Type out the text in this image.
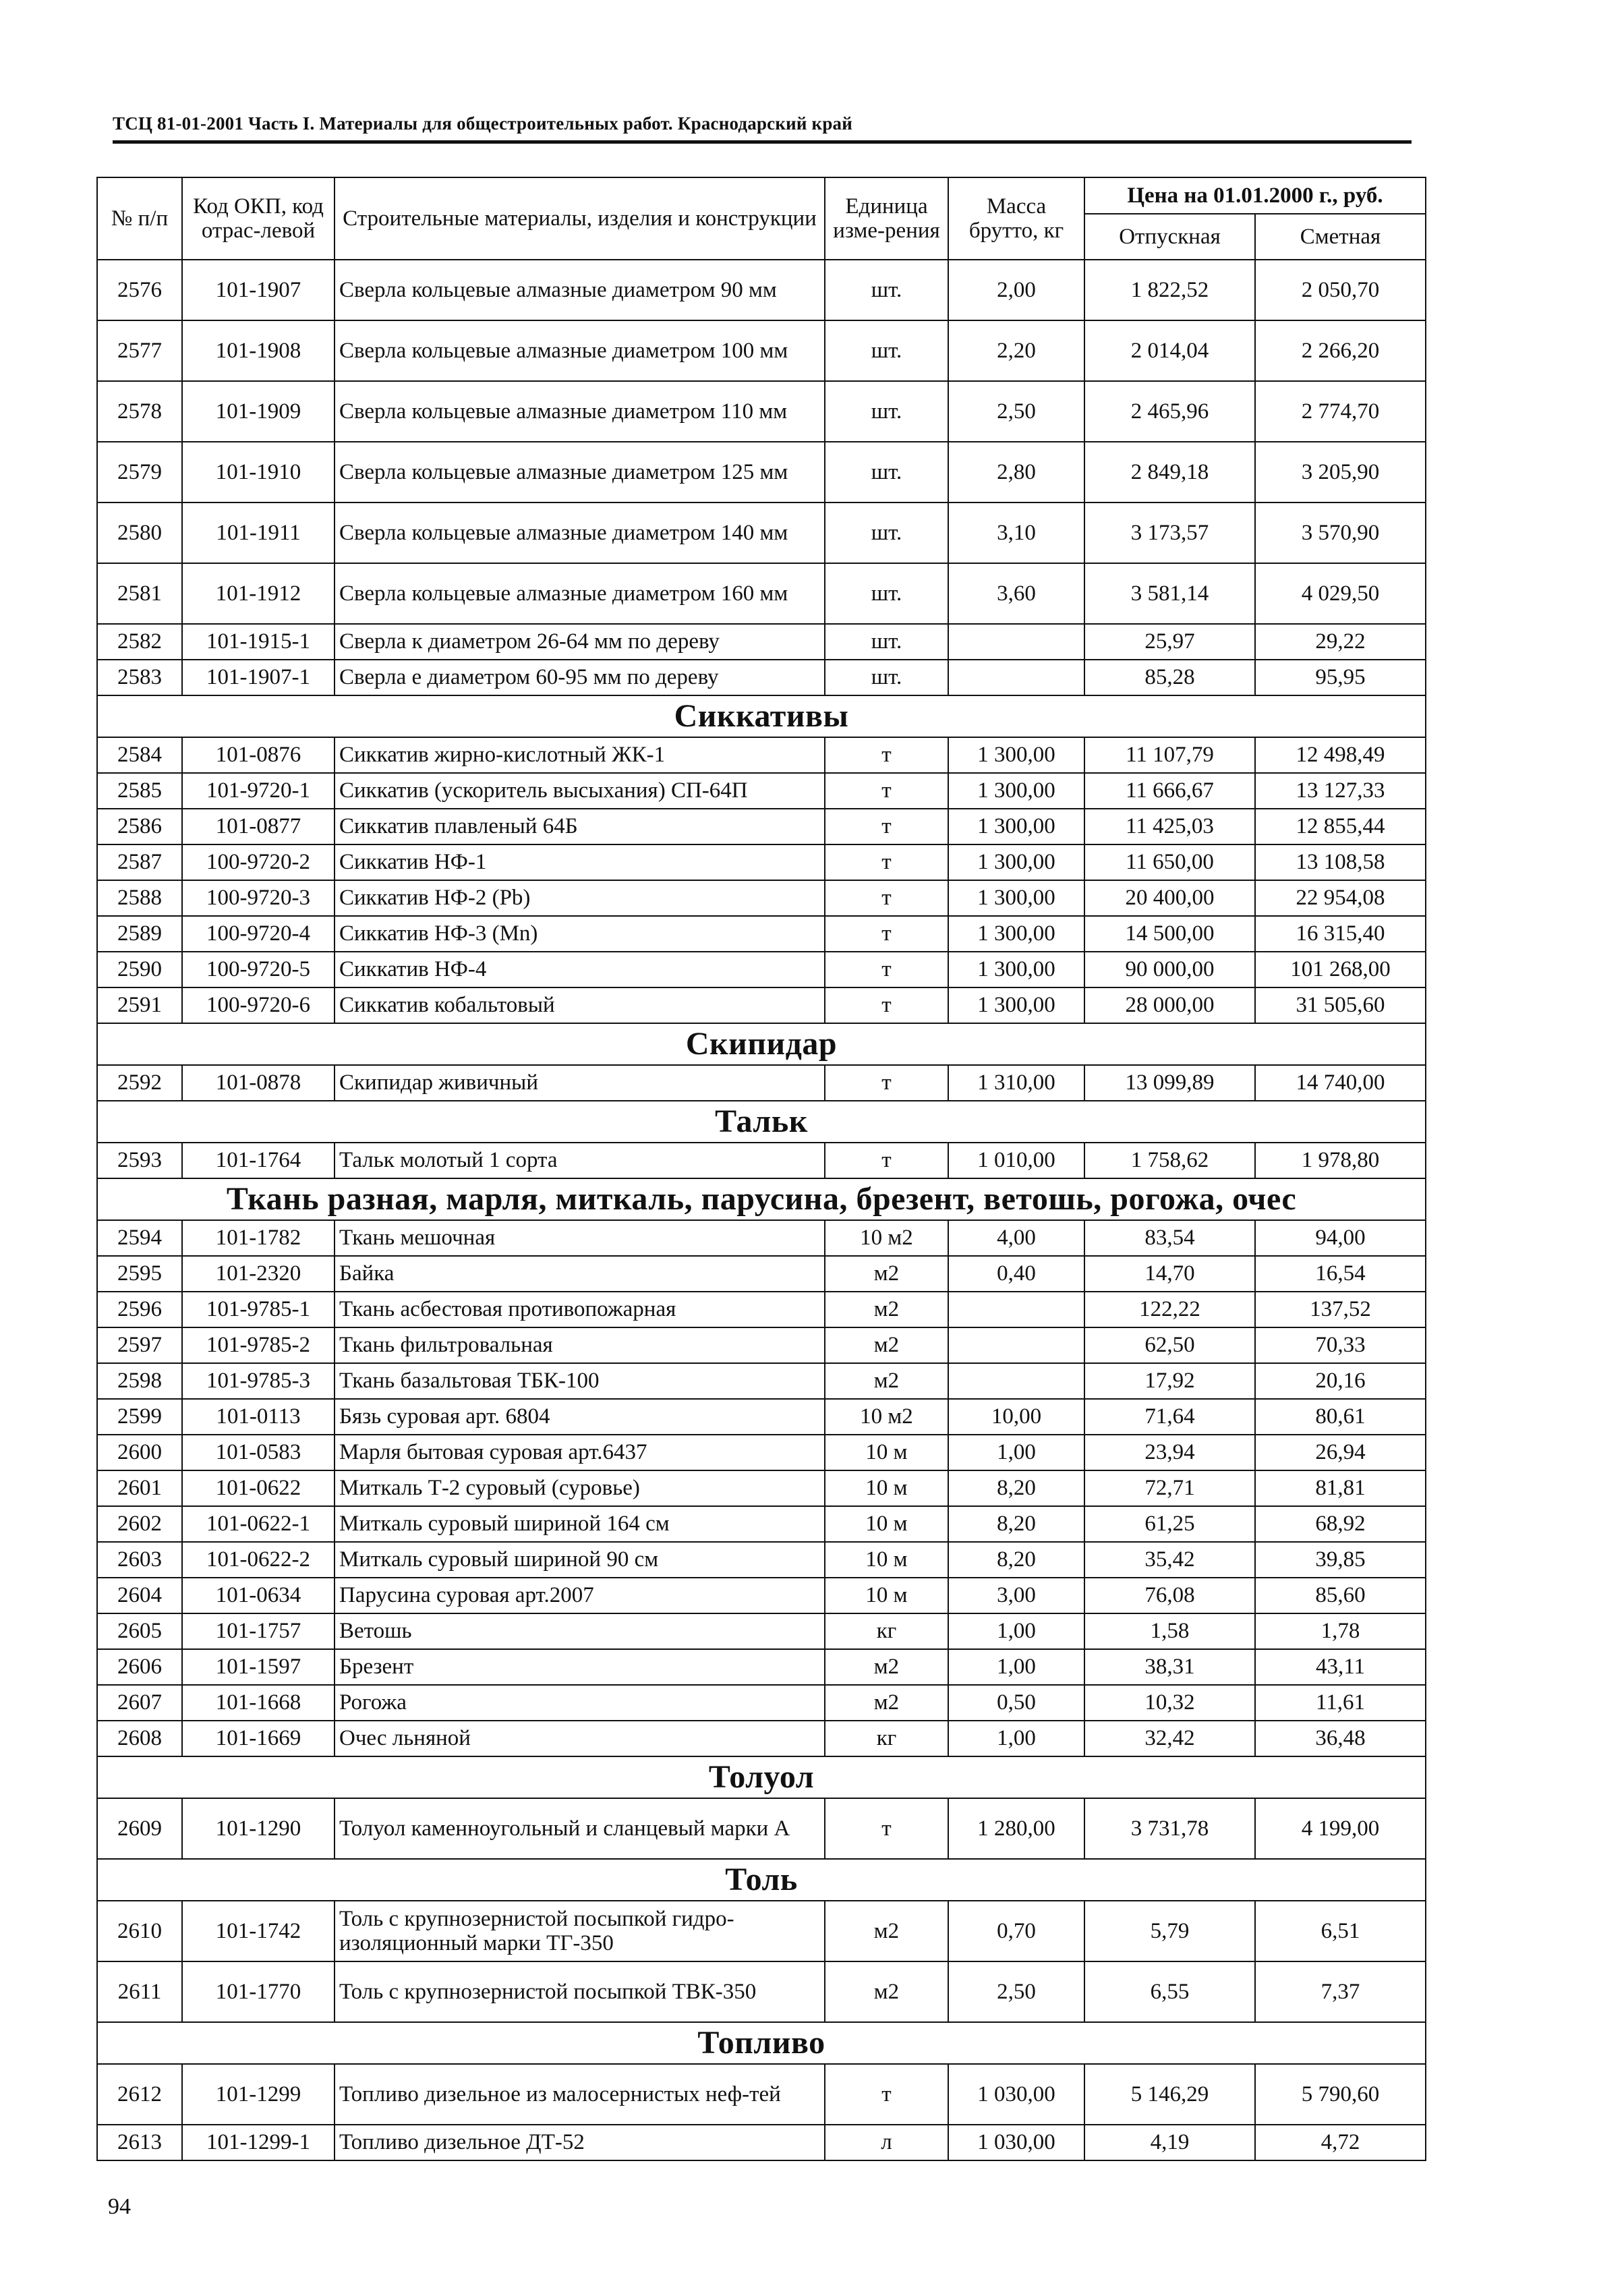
ТСЦ 81-01-2001 Часть I. Материалы для общестроительных работ. Краснодарский край
№ п/п	Код ОКП, код отрас-левой	Строительные материалы, изделия и конструкции	Единица изме-рения	Масса брутто, кг	Цена на 01.01.2000 г., руб.	
					Отпускная	Сметная
2576	101-1907	Сверла кольцевые алмазные диаметром 90 мм	шт.	2,00	1 822,52	2 050,70
2577	101-1908	Сверла кольцевые алмазные диаметром 100 мм	шт.	2,20	2 014,04	2 266,20
2578	101-1909	Сверла кольцевые алмазные диаметром 110 мм	шт.	2,50	2 465,96	2 774,70
2579	101-1910	Сверла кольцевые алмазные диаметром 125 мм	шт.	2,80	2 849,18	3 205,90
2580	101-1911	Сверла кольцевые алмазные диаметром 140 мм	шт.	3,10	3 173,57	3 570,90
2581	101-1912	Сверла кольцевые алмазные диаметром 160 мм	шт.	3,60	3 581,14	4 029,50
2582	101-1915-1	Сверла к диаметром 26-64 мм по дереву	шт.		25,97	29,22
2583	101-1907-1	Сверла е диаметром 60-95 мм по дереву	шт.		85,28	95,95
Сиккативы						
2584	101-0876	Сиккатив жирно-кислотный ЖК-1	т	1 300,00	11 107,79	12 498,49
2585	101-9720-1	Сиккатив (ускоритель высыхания) СП-64П	т	1 300,00	11 666,67	13 127,33
2586	101-0877	Сиккатив плавленый 64Б	т	1 300,00	11 425,03	12 855,44
2587	100-9720-2	Сиккатив НФ-1	т	1 300,00	11 650,00	13 108,58
2588	100-9720-3	Сиккатив НФ-2 (Pb)	т	1 300,00	20 400,00	22 954,08
2589	100-9720-4	Сиккатив НФ-3 (Mn)	т	1 300,00	14 500,00	16 315,40
2590	100-9720-5	Сиккатив НФ-4	т	1 300,00	90 000,00	101 268,00
2591	100-9720-6	Сиккатив кобальтовый	т	1 300,00	28 000,00	31 505,60
Скипидар						
2592	101-0878	Скипидар живичный	т	1 310,00	13 099,89	14 740,00
Тальк						
2593	101-1764	Тальк молотый 1 сорта	т	1 010,00	1 758,62	1 978,80
Ткань разная, марля, миткаль, парусина, брезент, ветошь, рогожа, очес						
2594	101-1782	Ткань мешочная	10 м2	4,00	83,54	94,00
2595	101-2320	Байка	м2	0,40	14,70	16,54
2596	101-9785-1	Ткань асбестовая противопожарная	м2		122,22	137,52
2597	101-9785-2	Ткань фильтровальная	м2		62,50	70,33
2598	101-9785-3	Ткань базальтовая ТБК-100	м2		17,92	20,16
2599	101-0113	Бязь суровая арт. 6804	10 м2	10,00	71,64	80,61
2600	101-0583	Марля бытовая суровая арт.6437	10 м	1,00	23,94	26,94
2601	101-0622	Миткаль Т-2 суровый (суровье)	10 м	8,20	72,71	81,81
2602	101-0622-1	Миткаль суровый шириной 164 см	10 м	8,20	61,25	68,92
2603	101-0622-2	Миткаль суровый шириной 90 см	10 м	8,20	35,42	39,85
2604	101-0634	Парусина суровая арт.2007	10 м	3,00	76,08	85,60
2605	101-1757	Ветошь	кг	1,00	1,58	1,78
2606	101-1597	Брезент	м2	1,00	38,31	43,11
2607	101-1668	Рогожа	м2	0,50	10,32	11,61
2608	101-1669	Очес льняной	кг	1,00	32,42	36,48
Толуол						
2609	101-1290	Толуол каменноугольный и сланцевый марки А	т	1 280,00	3 731,78	4 199,00
Толь						
2610	101-1742	Толь с крупнозернистой посыпкой гидро-изоляционный марки ТГ-350	м2	0,70	5,79	6,51
2611	101-1770	Толь с крупнозернистой посыпкой ТВК-350	м2	2,50	6,55	7,37
Топливо						
2612	101-1299	Топливо дизельное из малосернистых неф-тей	т	1 030,00	5 146,29	5 790,60
2613	101-1299-1	Топливо дизельное ДТ-52	л	1 030,00	4,19	4,72
94
